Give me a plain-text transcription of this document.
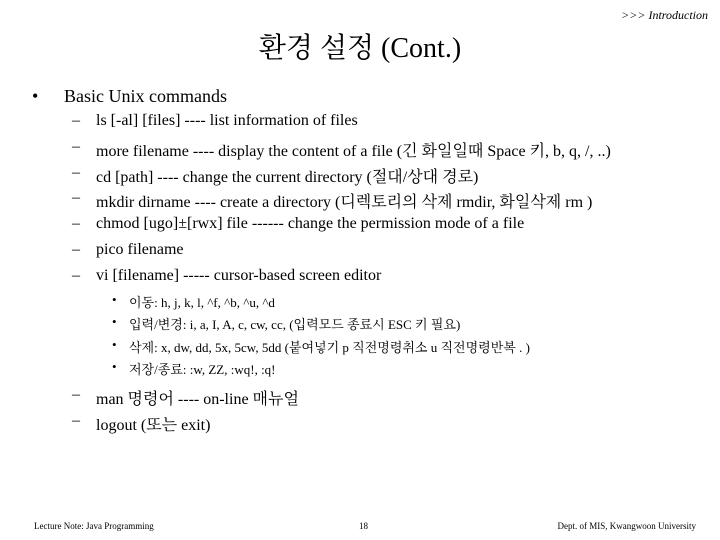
>>> Introduction
환경 설정 (Cont.)
• Basic Unix commands
– ls [-al] [files] ---- list information of files
– more filename ---- display the content of a file (긴 화일일때 Space 키, b, q, /, ..)
– cd [path] ---- change the current directory (절대/상대 경로)
– mkdir dirname ---- create a directory (디렉토리의 삭제 rmdir, 화일삭제 rm )
– chmod [ugo]±[rwx] file ------ change the permission mode of a file
– pico filename
– vi [filename] ----- cursor-based screen editor
• 이동: h, j, k, l, ^f, ^b, ^u, ^d
• 입력/변경: i, a, I, A, c, cw, cc, (입력모드 종료시 ESC 키 필요)
• 삭제: x, dw, dd, 5x, 5cw, 5dd (붙여넣기 p 직전명령취소 u 직전명령반복 . )
• 저장/종료: :w, ZZ, :wq!, :q!
– man 명령어 ---- on-line 매뉴얼
– logout (또는 exit)
Lecture Note: Java Programming	18	Dept. of MIS, Kwangwoon University
